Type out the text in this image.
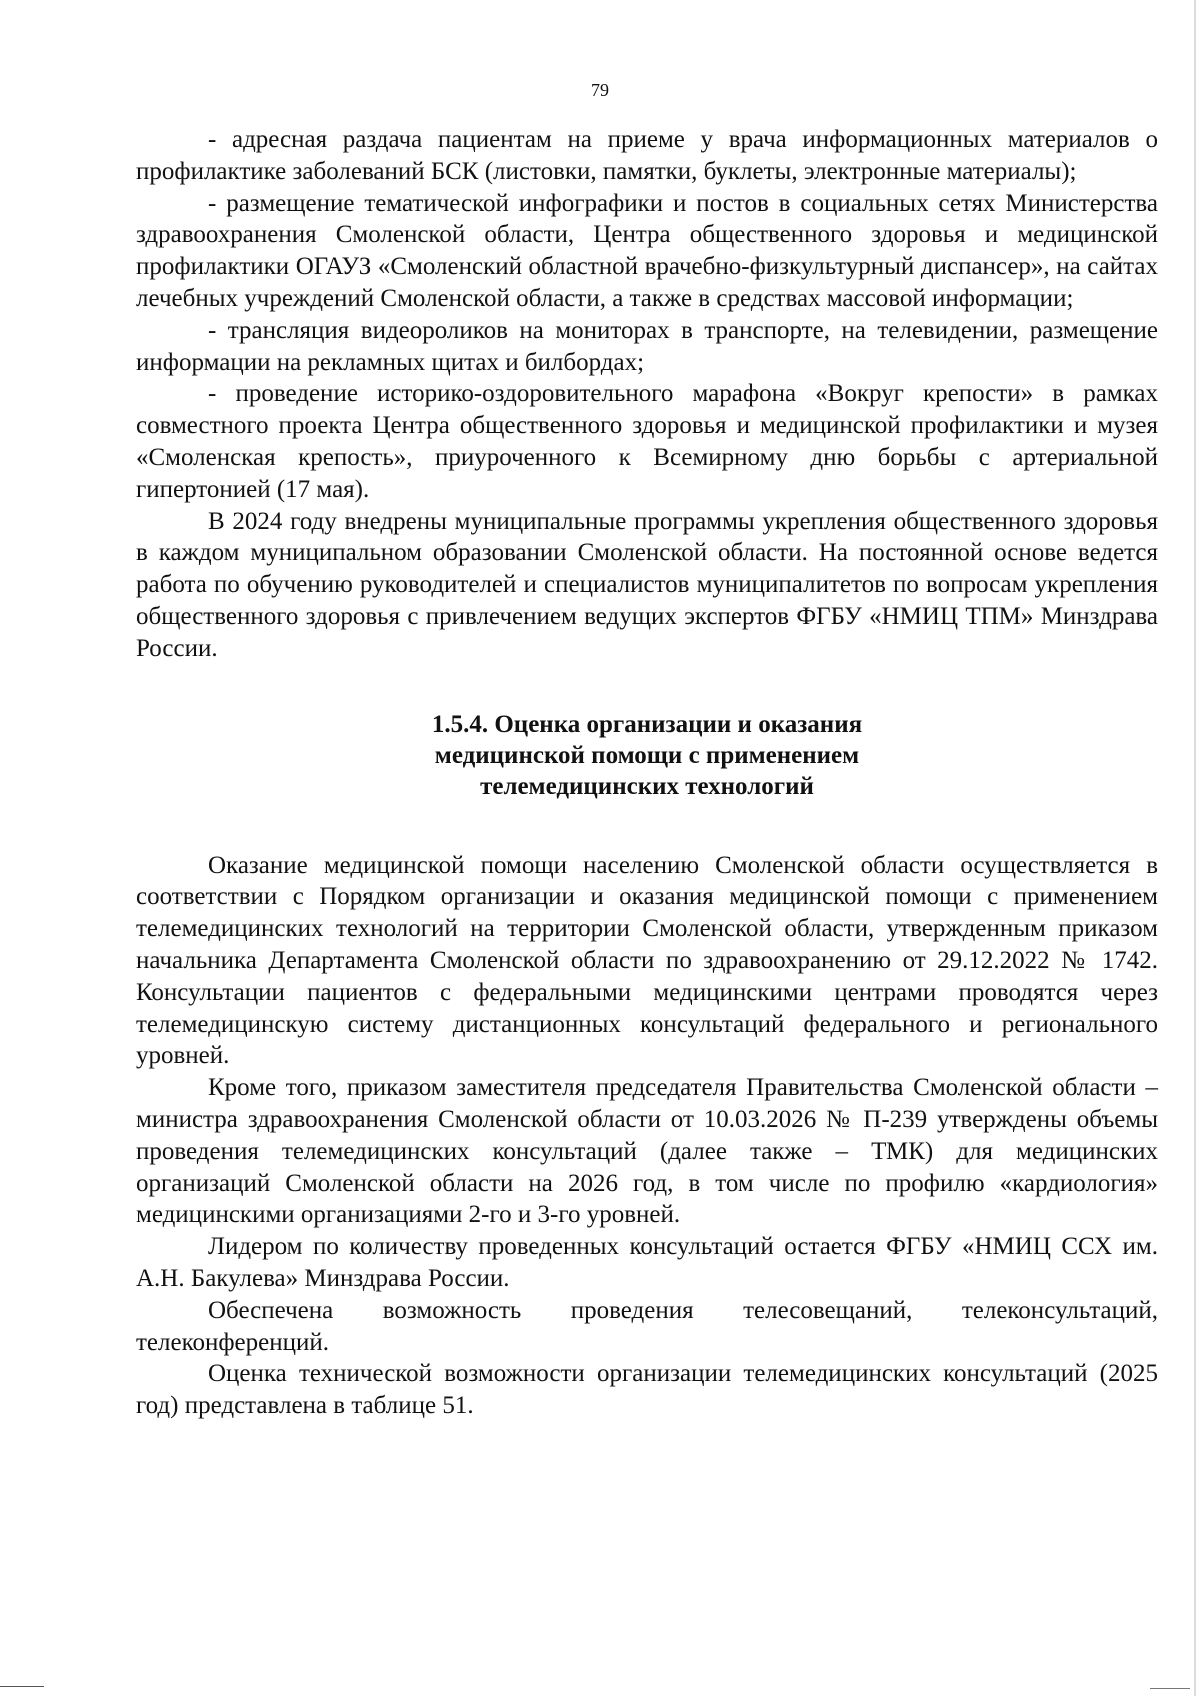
79

- адресная раздача пациентам на приеме у врача информационных материалов о профилактике заболеваний БСК (листовки, памятки, буклеты, электронные материалы);

- размещение тематической инфографики и постов в социальных сетях Министерства здравоохранения Смоленской области, Центра общественного здоровья и медицинской профилактики ОГАУЗ «Смоленский областной врачебно-физкультурный диспансер», на сайтах лечебных учреждений Смоленской области, а также в средствах массовой информации;

- трансляция видеороликов на мониторах в транспорте, на телевидении, размещение информации на рекламных щитах и билбордах;

- проведение историко-оздоровительного марафона «Вокруг крепости» в рамках совместного проекта Центра общественного здоровья и медицинской профилактики и музея «Смоленская крепость», приуроченного к Всемирному дню борьбы с артериальной гипертонией (17 мая).

В 2024 году внедрены муниципальные программы укрепления общественного здоровья в каждом муниципальном образовании Смоленской области. На постоянной основе ведется работа по обучению руководителей и специалистов муниципалитетов по вопросам укрепления общественного здоровья с привлечением ведущих экспертов ФГБУ «НМИЦ ТПМ» Минздрава России.

1.5.4. Оценка организации и оказания
медицинской помощи с применением
телемедицинских технологий

Оказание медицинской помощи населению Смоленской области осуществляется в соответствии с Порядком организации и оказания медицинской помощи с применением телемедицинских технологий на территории Смоленской области, утвержденным приказом начальника Департамента Смоленской области по здравоохранению от 29.12.2022 № 1742. Консультации пациентов с федеральными медицинскими центрами проводятся через телемедицинскую систему дистанционных консультаций федерального и регионального уровней.

Кроме того, приказом заместителя председателя Правительства Смоленской области – министра здравоохранения Смоленской области от 10.03.2026 № П-239 утверждены объемы проведения телемедицинских консультаций (далее также – ТМК) для медицинских организаций Смоленской области на 2026 год, в том числе по профилю «кардиология» медицинскими организациями 2-го и 3-го уровней.

Лидером по количеству проведенных консультаций остается ФГБУ «НМИЦ ССХ им. А.Н. Бакулева» Минздрава России.

Обеспечена возможность проведения телесовещаний, телеконсультаций, телеконференций.

Оценка технической возможности организации телемедицинских консультаций (2025 год) представлена в таблице 51.
